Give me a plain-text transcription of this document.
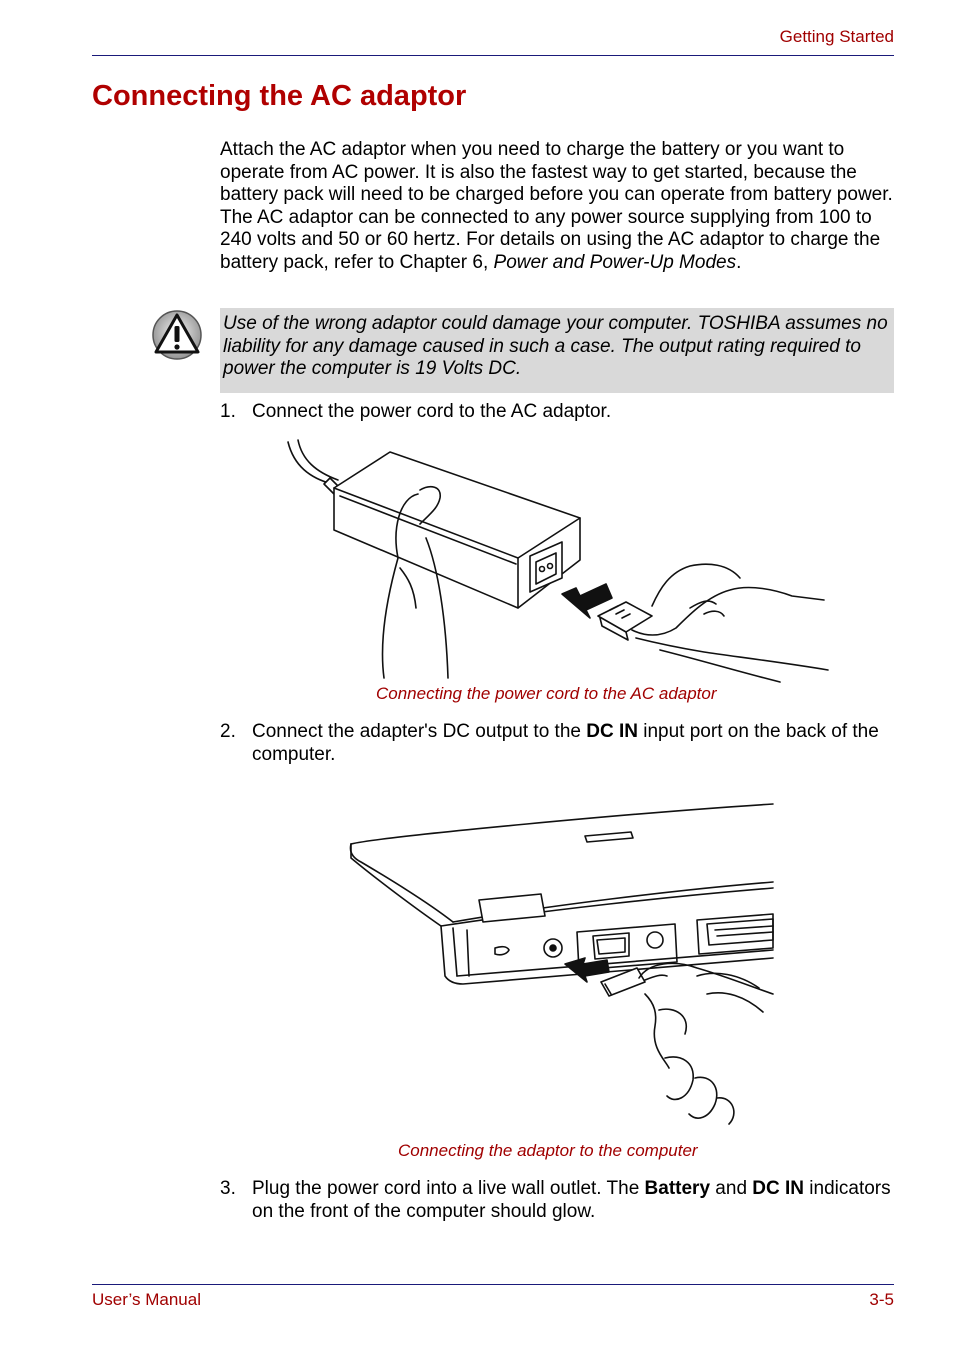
Getting Started
Connecting the AC adaptor
Attach the AC adaptor when you need to charge the battery or you want to operate from AC power. It is also the fastest way to get started, because the battery pack will need to be charged before you can operate from battery power. The AC adaptor can be connected to any power source supplying from 100 to 240 volts and 50 or 60 hertz. For details on using the AC adaptor to charge the battery pack, refer to Chapter 6, Power and Power-Up Modes.
Use of the wrong adaptor could damage your computer. TOSHIBA assumes no liability for any damage caused in such a case. The output rating required to power the computer is 19 Volts DC.
1. Connect the power cord to the AC adaptor.
Connecting the power cord to the AC adaptor
2. Connect the adapter's DC output to the DC IN input port on the back of the computer.
Connecting the adaptor to the computer
3. Plug the power cord into a live wall outlet. The Battery and DC IN indicators on the front of the computer should glow.
User’s Manual	3-5
